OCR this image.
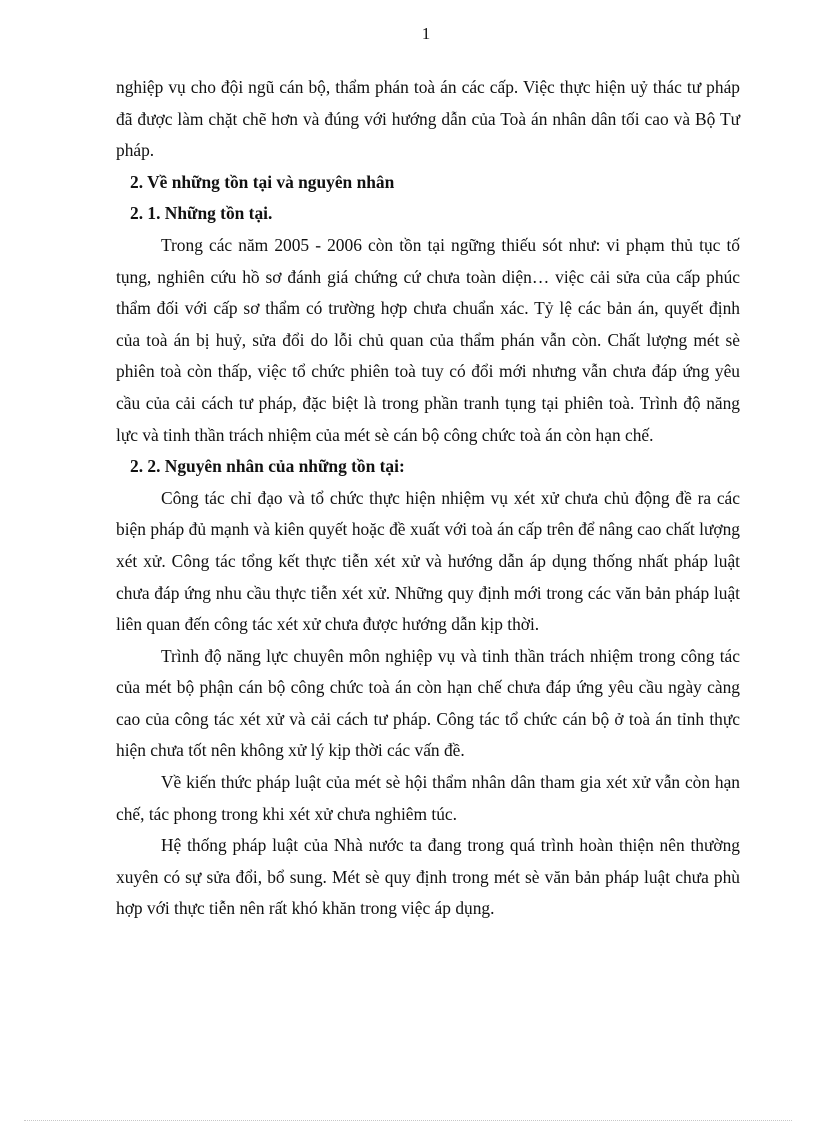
1

nghiệp vụ cho đội ngũ cán bộ, thẩm phán toà án các cấp. Việc thực hiện uỷ thác tư pháp đã được làm chặt chẽ hơn và đúng với hướng dẫn của Toà án nhân dân tối cao và Bộ Tư pháp.

2. Về những tồn tại và nguyên nhân
2. 1. Những tồn tại.

Trong các năm 2005 - 2006 còn tồn tại ngững thiếu sót như: vi phạm thủ tục tố tụng, nghiên cứu hồ sơ đánh giá chứng cứ chưa toàn diện… việc cải sửa của cấp phúc thẩm đối với cấp sơ thẩm có trường hợp chưa chuẩn xác. Tỷ lệ các bản án, quyết định của toà án bị huỷ, sửa đổi do lỗi chủ quan của thẩm phán vẫn còn. Chất lượng mét sè phiên toà còn thấp, việc tổ chức phiên toà tuy có đổi mới nhưng vẫn chưa đáp ứng yêu cầu của cải cách tư pháp, đặc biệt là trong phần tranh tụng tại phiên toà. Trình độ năng lực và tinh thần trách nhiệm của mét sè cán bộ công chức toà án còn hạn chế.

2. 2. Nguyên nhân của những tồn tại:

Công tác chỉ đạo và tổ chức thực hiện nhiệm vụ xét xử chưa chủ động đề ra các biện pháp đủ mạnh và kiên quyết hoặc đề xuất với toà án cấp trên để nâng cao chất lượng xét xử. Công tác tổng kết thực tiễn xét xử và hướng dẫn áp dụng thống nhất pháp luật chưa đáp ứng nhu cầu thực tiễn xét xử. Những quy định mới trong các văn bản pháp luật liên quan đến công tác xét xử chưa được hướng dẫn kịp thời.

Trình độ năng lực chuyên môn nghiệp vụ và tinh thần trách nhiệm trong công tác của mét bộ phận cán bộ công chức toà án còn hạn chế chưa đáp ứng yêu cầu ngày càng cao của công tác xét xử và cải cách tư pháp. Công tác tổ chức cán bộ ở toà án tỉnh thực hiện chưa tốt nên không xử lý kịp thời các vấn đề.

Về kiến thức pháp luật của mét sè hội thẩm nhân dân tham gia xét xử vẫn còn hạn chế, tác phong trong khi xét xử chưa nghiêm túc.

Hệ thống pháp luật của Nhà nước ta đang trong quá trình hoàn thiện nên thường xuyên có sự sửa đổi, bổ sung. Mét sè quy định trong mét sè văn bản pháp luật chưa phù hợp với thực tiễn nên rất khó khăn trong việc áp dụng.
